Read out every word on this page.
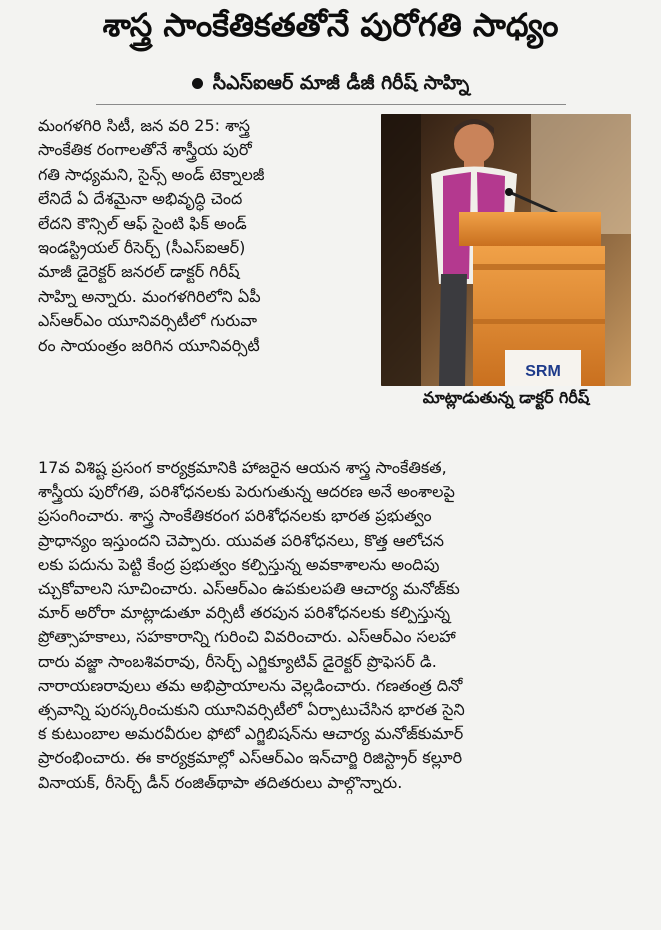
శాస్త్ర సాంకేతికతతోనే పురోగతి సాధ్యం
సీఎస్ఐఆర్ మాజీ డీజీ గిరీష్ సాహ్ని
మంగళగిరి సిటీ, జన వరి 25: శాస్త్ర
సాంకేతిక రంగాలతోనే శాస్త్రీయ పురో
గతి సాధ్యమని, సైన్స్ అండ్ టెక్నాలజీ
లేనిదే ఏ దేశమైనా అభివృద్ధి చెంద
లేదని కౌన్సిల్ ఆఫ్ సైంటి ఫిక్ అండ్
ఇండస్ట్రియల్ రీసెర్చ్ (సీఎస్ఐఆర్)
మాజీ డైరెక్టర్ జనరల్ డాక్టర్ గిరీష్
సాహ్ని అన్నారు. మంగళగిరిలోని ఏపీ
ఎస్ఆర్ఎం యూనివర్సిటీలో గురువా
రం సాయంత్రం జరిగిన యూనివర్సిటీ
SRM
మాట్లాడుతున్న డాక్టర్ గిరీష్
17వ విశిష్ట ప్రసంగ కార్యక్రమానికి హాజరైన ఆయన శాస్త్ర సాంకేతికత,
శాస్త్రీయ పురోగతి, పరిశోధనలకు పెరుగుతున్న ఆదరణ అనే అంశాలపై
ప్రసంగించారు. శాస్త్ర సాంకేతికరంగ పరిశోధనలకు భారత ప్రభుత్వం
ప్రాధాన్యం ఇస్తుందని చెప్పారు. యువత పరిశోధనలు, కొత్త ఆలోచన
లకు పదును పెట్టి కేంద్ర ప్రభుత్వం కల్పిస్తున్న అవకాశాలను అందిపు
చ్చుకోవాలని సూచించారు. ఎస్ఆర్ఎం ఉపకులపతి ఆచార్య మనోజ్‌కు
మార్ అరోరా మాట్లాడుతూ వర్సిటీ తరపున పరిశోధనలకు కల్పిస్తున్న
ప్రోత్సాహకాలు, సహకారాన్ని గురించి వివరించారు. ఎస్ఆర్ఎం సలహా
దారు వజ్జా సాంబశివరావు, రీసెర్చ్ ఎగ్జిక్యూటివ్ డైరెక్టర్ ప్రొఫెసర్ డి.
నారాయణరావులు తమ అభిప్రాయాలను వెల్లడించారు. గణతంత్ర దినో
త్సవాన్ని పురస్కరించుకుని యూనివర్సిటీలో ఏర్పాటుచేసిన భారత సైని
క కుటుంబాల అమరవీరుల ఫోటో ఎగ్జిబిషన్‌ను ఆచార్య మనోజ్‌కుమార్
ప్రారంభించారు. ఈ కార్యక్రమాల్లో ఎస్ఆర్ఎం ఇన్‌చార్జి రిజిస్ట్రార్ కల్లూరి
వినాయక్, రీసెర్చ్ డీన్ రంజిత్‌థాపా తదితరులు పాల్గొన్నారు.
